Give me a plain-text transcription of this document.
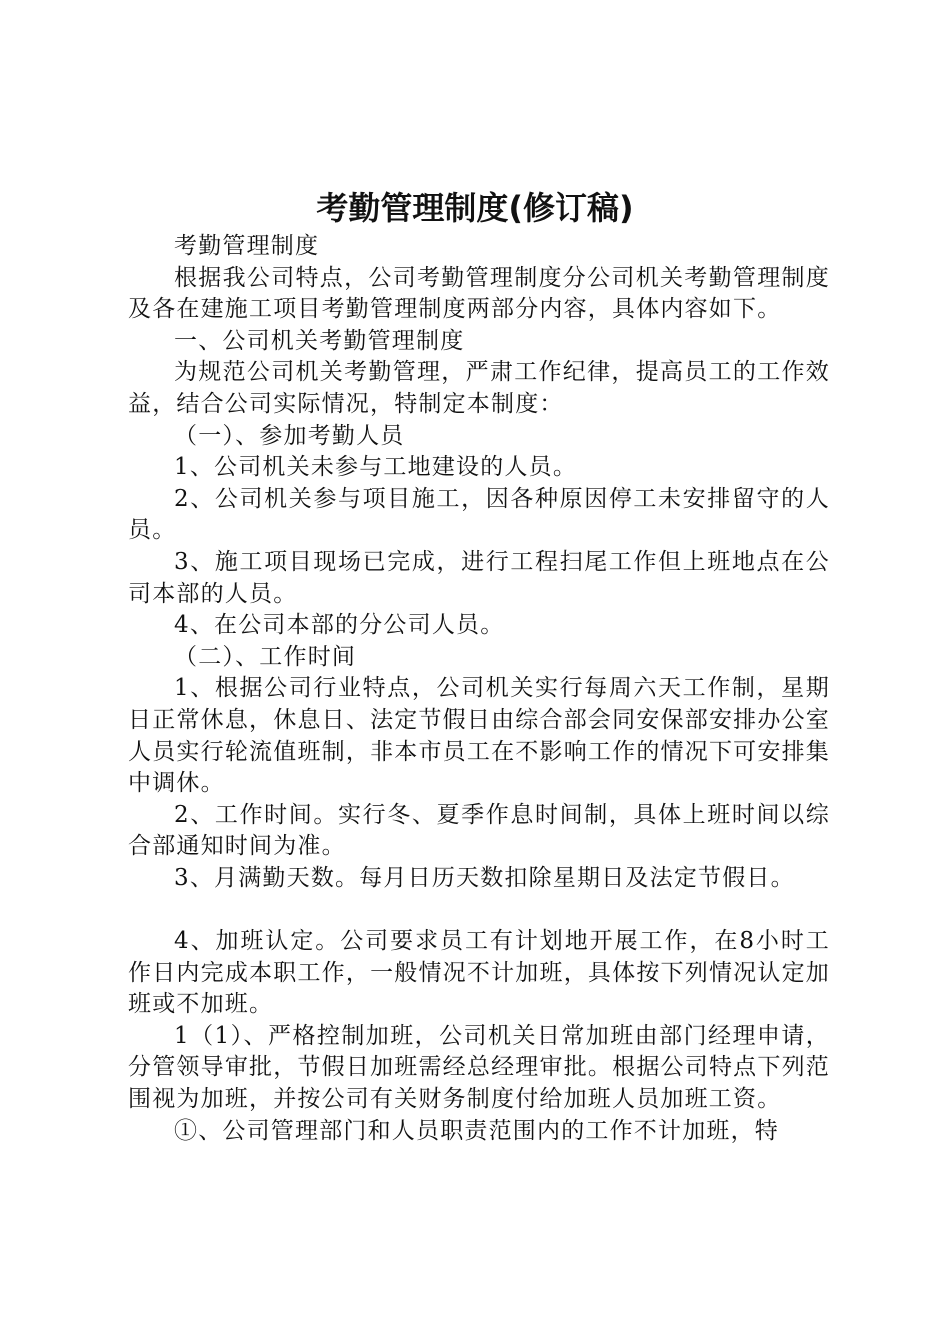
考勤管理制度(修订稿)

考勤管理制度

根据我公司特点，公司考勤管理制度分公司机关考勤管理制度及各在建施工项目考勤管理制度两部分内容，具体内容如下。

一、公司机关考勤管理制度

为规范公司机关考勤管理，严肃工作纪律，提高员工的工作效益，结合公司实际情况，特制定本制度：

（一）、参加考勤人员

1、公司机关未参与工地建设的人员。

2、公司机关参与项目施工，因各种原因停工未安排留守的人员。

3、施工项目现场已完成，进行工程扫尾工作但上班地点在公司本部的人员。

4、在公司本部的分公司人员。

（二）、工作时间

1、根据公司行业特点，公司机关实行每周六天工作制，星期日正常休息，休息日、法定节假日由综合部会同安保部安排办公室人员实行轮流值班制，非本市员工在不影响工作的情况下可安排集中调休。

2、工作时间。实行冬、夏季作息时间制，具体上班时间以综合部通知时间为准。

3、月满勤天数。每月日历天数扣除星期日及法定节假日。

4、加班认定。公司要求员工有计划地开展工作，在8小时工作日内完成本职工作，一般情况不计加班，具体按下列情况认定加班或不加班。

1（1）、严格控制加班，公司机关日常加班由部门经理申请，分管领导审批，节假日加班需经总经理审批。根据公司特点下列范围视为加班，并按公司有关财务制度付给加班人员加班工资。

①、公司管理部门和人员职责范围内的工作不计加班，特
